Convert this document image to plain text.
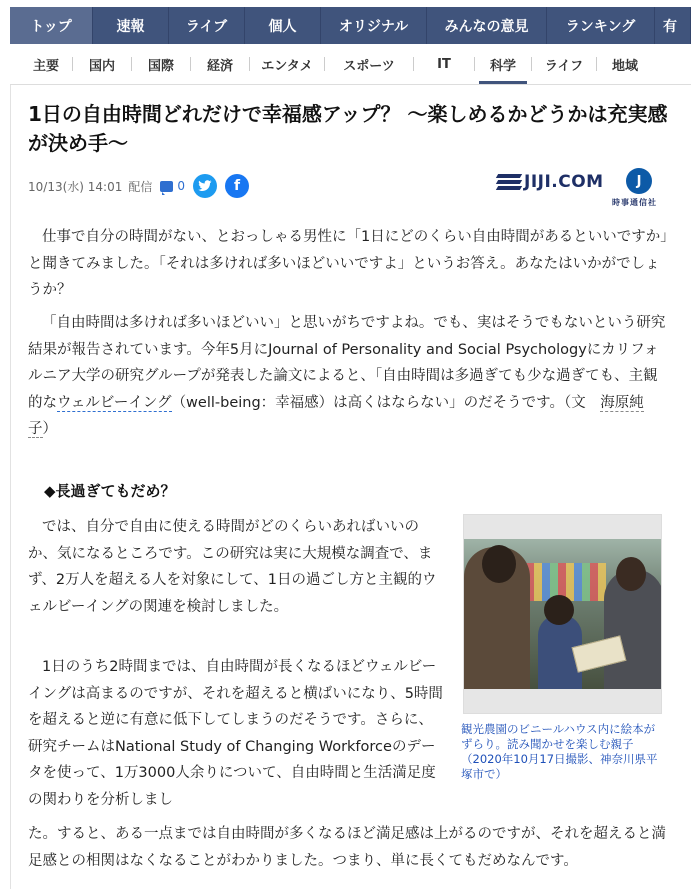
トップ	速報	ライブ	個人	オリジナル	みんなの意見	ランキング	有
主要	国内	国際	経済	エンタメ	スポーツ	IT	科学	ライフ	地域
1日の自由時間どれだけで幸福感アップ？ 〜楽しめるかどうかは充実感が決め手〜
10/13(水) 14:01 配信 0	f	JIJI.COM	J
時事通信社

仕事で自分の時間がない、とおっしゃる男性に「1日にどのくらい自由時間があるといいですか」と聞きてみました。「それは多ければ多いほどいいですよ」というお答え。あなたはいかがでしょうか？

「自由時間は多ければ多いほどいい」と思いがちですよね。でも、実はそうでもないという研究結果が報告されています。今年5月にJournal of Personality and Social Psychologyにカリフォルニア大学の研究グループが発表した論文によると、「自由時間は多過ぎても少な過ぎても、主観的なウェルビーイング（well-being：幸福感）は高くはならない」のだそうです。（文　海原純子）

◆長過ぎてもだめ？

では、自分で自由に使える時間がどのくらいあればいいのか、気になるところです。この研究は実に大規模な調査で、まず、2万人を超える人を対象にして、1日の過ごし方と主観的ウェルビーイングの関連を検討しました。

1日のうち2時間までは、自由時間が長くなるほどウェルビーイングは高まるのですが、それを超えると横ばいになり、5時間を超えると逆に有意に低下してしまうのだそうです。さらに、研究チームはNational Study of Changing Workforceのデータを使って、1万3000人余りについて、自由時間と生活満足度の関わりを分析しまし

た。すると、ある一点までは自由時間が多くなるほど満足感は上がるのですが、それを超えると満足感との相関はなくなることがわかりました。つまり、単に長くてもだめなんです。

観光農園のビニールハウス内に絵本がずらり。読み聞かせを楽しむ親子（2020年10月17日撮影、神奈川県平塚市で）
